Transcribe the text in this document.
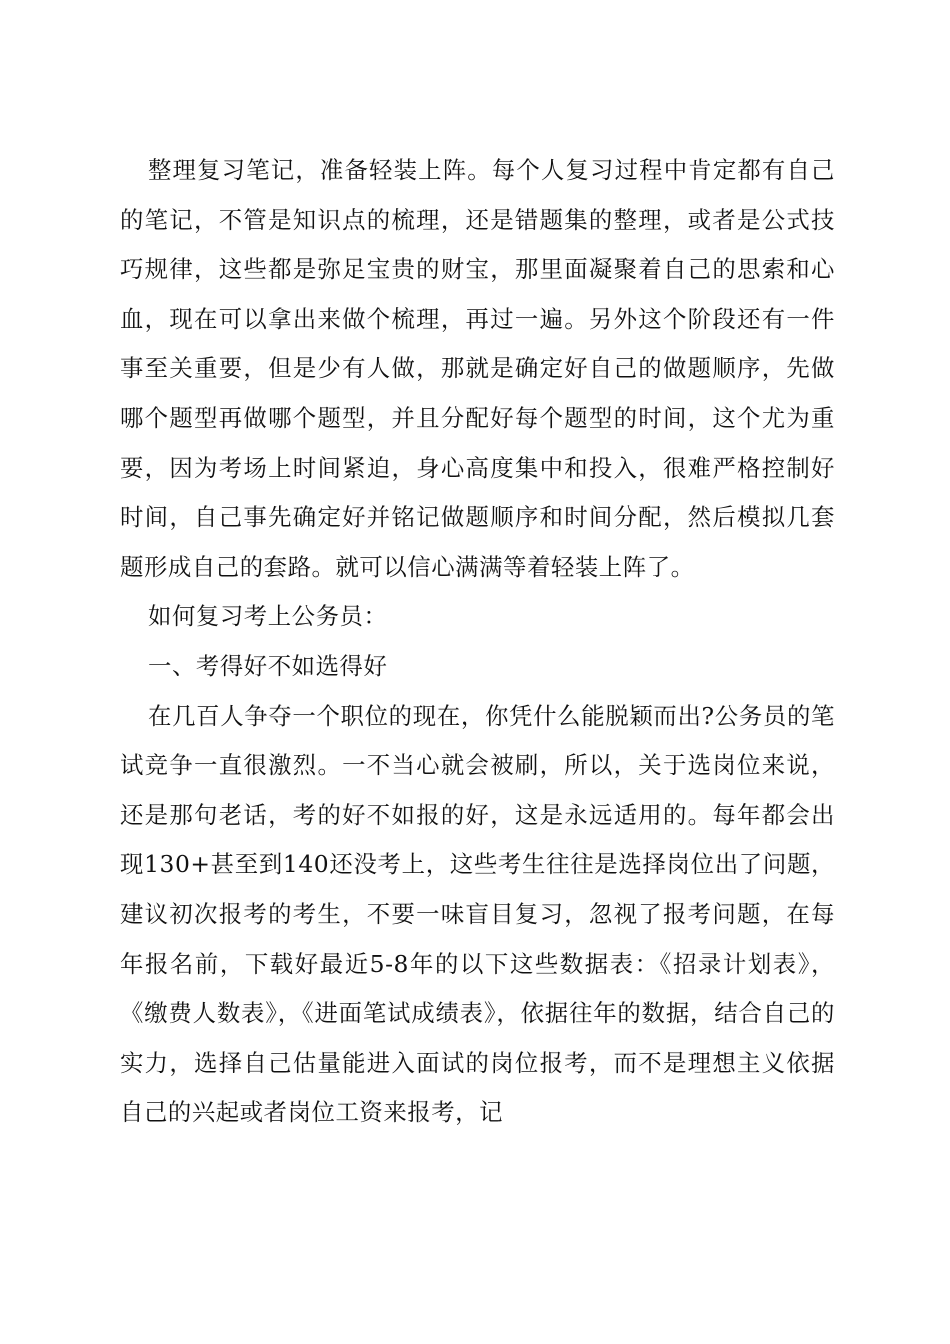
整理复习笔记，准备轻装上阵。每个人复习过程中肯定都有自己的笔记，不管是知识点的梳理，还是错题集的整理，或者是公式技巧规律，这些都是弥足宝贵的财宝，那里面凝聚着自己的思索和心血，现在可以拿出来做个梳理，再过一遍。另外这个阶段还有一件事至关重要，但是少有人做，那就是确定好自己的做题顺序，先做哪个题型再做哪个题型，并且分配好每个题型的时间，这个尤为重要，因为考场上时间紧迫，身心高度集中和投入，很难严格控制好时间，自己事先确定好并铭记做题顺序和时间分配，然后模拟几套题形成自己的套路。就可以信心满满等着轻装上阵了。

如何复习考上公务员：

一、考得好不如选得好

在几百人争夺一个职位的现在，你凭什么能脱颖而出?公务员的笔试竞争一直很激烈。一不当心就会被刷，所以，关于选岗位来说，还是那句老话，考的好不如报的好，这是永远适用的。每年都会出现130+甚至到140还没考上，这些考生往往是选择岗位出了问题，建议初次报考的考生，不要一味盲目复习，忽视了报考问题，在每年报名前，下载好最近5-8年的以下这些数据表：《招录计划表》，《缴费人数表》，《进面笔试成绩表》，依据往年的数据，结合自己的实力，选择自己估量能进入面试的岗位报考，而不是理想主义依据自己的兴起或者岗位工资来报考，记
